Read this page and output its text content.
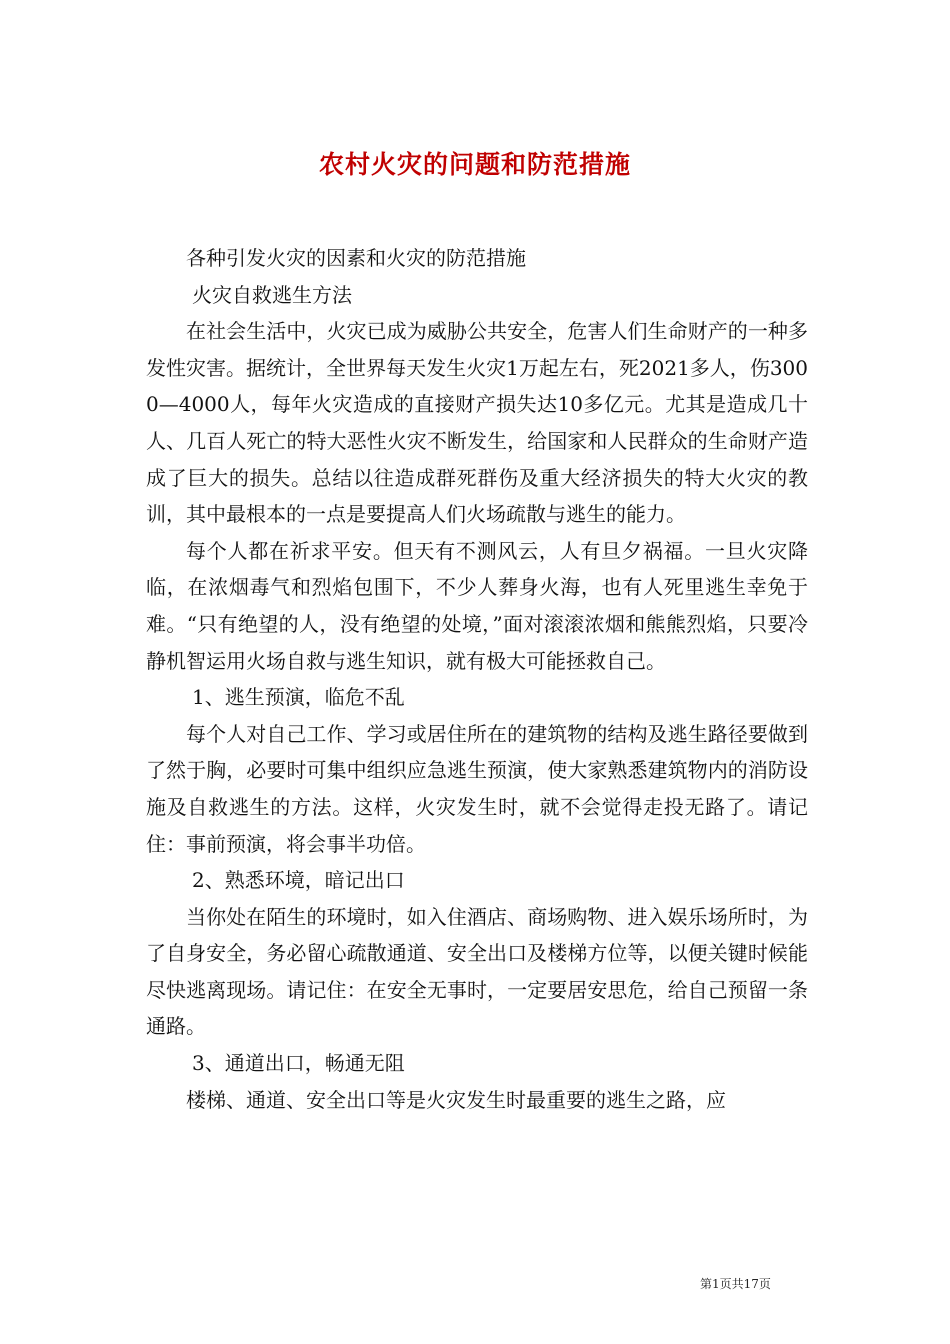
农村火灾的问题和防范措施

各种引发火灾的因素和火灾的防范措施

火灾自救逃生方法

在社会生活中，火灾已成为威胁公共安全，危害人们生命财产的一种多发性灾害。据统计，全世界每天发生火灾1万起左右，死2021多人，伤3000—4000人，每年火灾造成的直接财产损失达10多亿元。尤其是造成几十人、几百人死亡的特大恶性火灾不断发生，给国家和人民群众的生命财产造成了巨大的损失。总结以往造成群死群伤及重大经济损失的特大火灾的教训，其中最根本的一点是要提高人们火场疏散与逃生的能力。

每个人都在祈求平安。但天有不测风云，人有旦夕祸福。一旦火灾降临，在浓烟毒气和烈焰包围下，不少人葬身火海，也有人死里逃生幸免于难。“只有绝望的人，没有绝望的处境，”面对滚滚浓烟和熊熊烈焰，只要冷静机智运用火场自救与逃生知识，就有极大可能拯救自己。

1、逃生预演，临危不乱

每个人对自己工作、学习或居住所在的建筑物的结构及逃生路径要做到了然于胸，必要时可集中组织应急逃生预演，使大家熟悉建筑物内的消防设施及自救逃生的方法。这样，火灾发生时，就不会觉得走投无路了。请记住：事前预演，将会事半功倍。

2、熟悉环境，暗记出口

当你处在陌生的环境时，如入住酒店、商场购物、进入娱乐场所时，为了自身安全，务必留心疏散通道、安全出口及楼梯方位等，以便关键时候能尽快逃离现场。请记住：在安全无事时，一定要居安思危，给自己预留一条通路。

3、通道出口，畅通无阻

楼梯、通道、安全出口等是火灾发生时最重要的逃生之路，应

第1页共17页
